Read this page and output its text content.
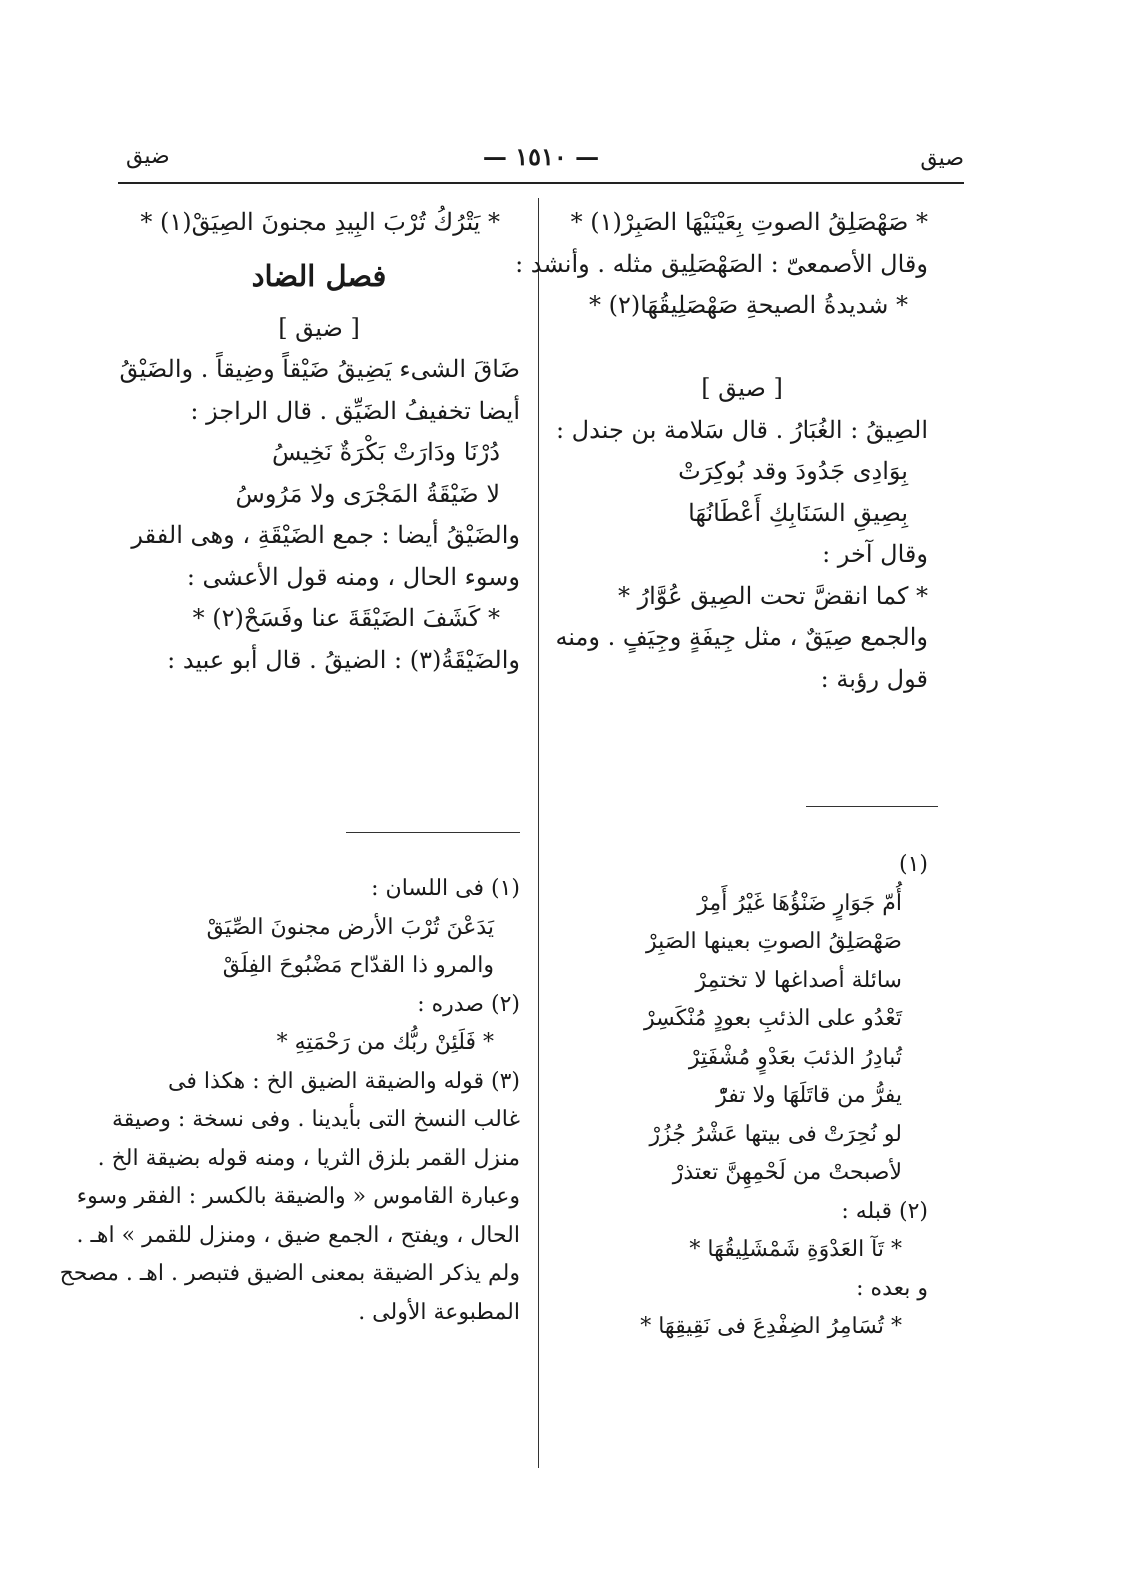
صيق
— ١٥١٠ —
ضيق
* صَهْصَلِقُ الصوتِ بِعَيْنَيْهَا الصَبِرْ(١) *
وقال الأصمعىّ : الصَهْصَلِيق مثله . وأنشد :
* شديدةُ الصيحةِ صَهْصَلِيقُهَا(٢) *
[ صيق ]
الصِيقُ : الغُبَارُ . قال سَلامة بن جندل :
بِوَادِى جَدُودَ وقد بُوكِرَتْ
بِصِيقِ السَنَابِكِ أَعْطَانُهَا
وقال آخر :
* كما انقضَّ تحت الصِيق عُوَّارُ *
والجمع صِيَقٌ ، مثل جِيفَةٍ وجِيَفٍ . ومنه
قول رؤبة :
* يَتْرُكُ تُرْبَ البِيدِ مجنونَ الصِيَقْ(١) *
فصل الضاد
[ ضيق ]
ضَاقَ الشىء يَضِيقُ ضَيْقاً وضِيقاً . والضَيْقُ
أيضا تخفيفُ الضَيِّق . قال الراجز :
دُرْنَا ودَارَتْ بَكْرَةٌ نَخِيسُ
لا ضَيْقَةُ المَجْرَى ولا مَرُوسُ
والضَيْقُ أيضا : جمع الضَيْقَةِ ، وهى الفقر
وسوء الحال ، ومنه قول الأعشى :
* كَشَفَ الضَيْقَةَ عنا وفَسَحْ(٢) *
والضَيْقَةُ(٣) : الضيقُ . قال أبو عبيد :
(١)
أُمّ جَوَارٍ ضَنْؤُهَا غَيْرُ أَمِرْ
صَهْصَلِقُ الصوتِ بعينها الصَبِرْ
سائلة أصداغها لا تختمِرْ
تَعْدُو على الذئبِ بعودٍ مُنْكَسِرْ
تُبادِرُ الذئبَ بعَدْوٍ مُشْفَتِرْ
يفرُّ من قاتَلَهَا ولا تفرّْ
لو نُحِرَتْ فى بيتها عَشْرُ جُزُرْ
لأصبحتْ من لَحْمِهِنَّ تعتذرْ
(٢) قبله :
* تَآ العَدْوَةِ شَمْشَلِيقُهَا *
و بعده :
* تُسَامِرُ الضِفْدِعَ فى نَقِيقِهَا *
(١) فى اللسان :
يَدَعْنَ تُرْبَ الأرض مجنونَ الصِّيَقْ
والمرو ذا القدّاح مَضْبُوحَ الفِلَقْ
(٢) صدره :
* فَلَئِنْ ربُّك من رَحْمَتِهِ *
(٣) قوله والضيقة الضيق الخ : هكذا فى
غالب النسخ التى بأيدينا . وفى نسخة : وصيقة
منزل القمر بلزق الثريا ، ومنه قوله بضيقة الخ .
وعبارة القاموس « والضيقة بالكسر : الفقر وسوء
الحال ، ويفتح ، الجمع ضيق ، ومنزل للقمر » اهـ .
ولم يذكر الضيقة بمعنى الضيق فتبصر . اهـ . مصحح
المطبوعة الأولى .
